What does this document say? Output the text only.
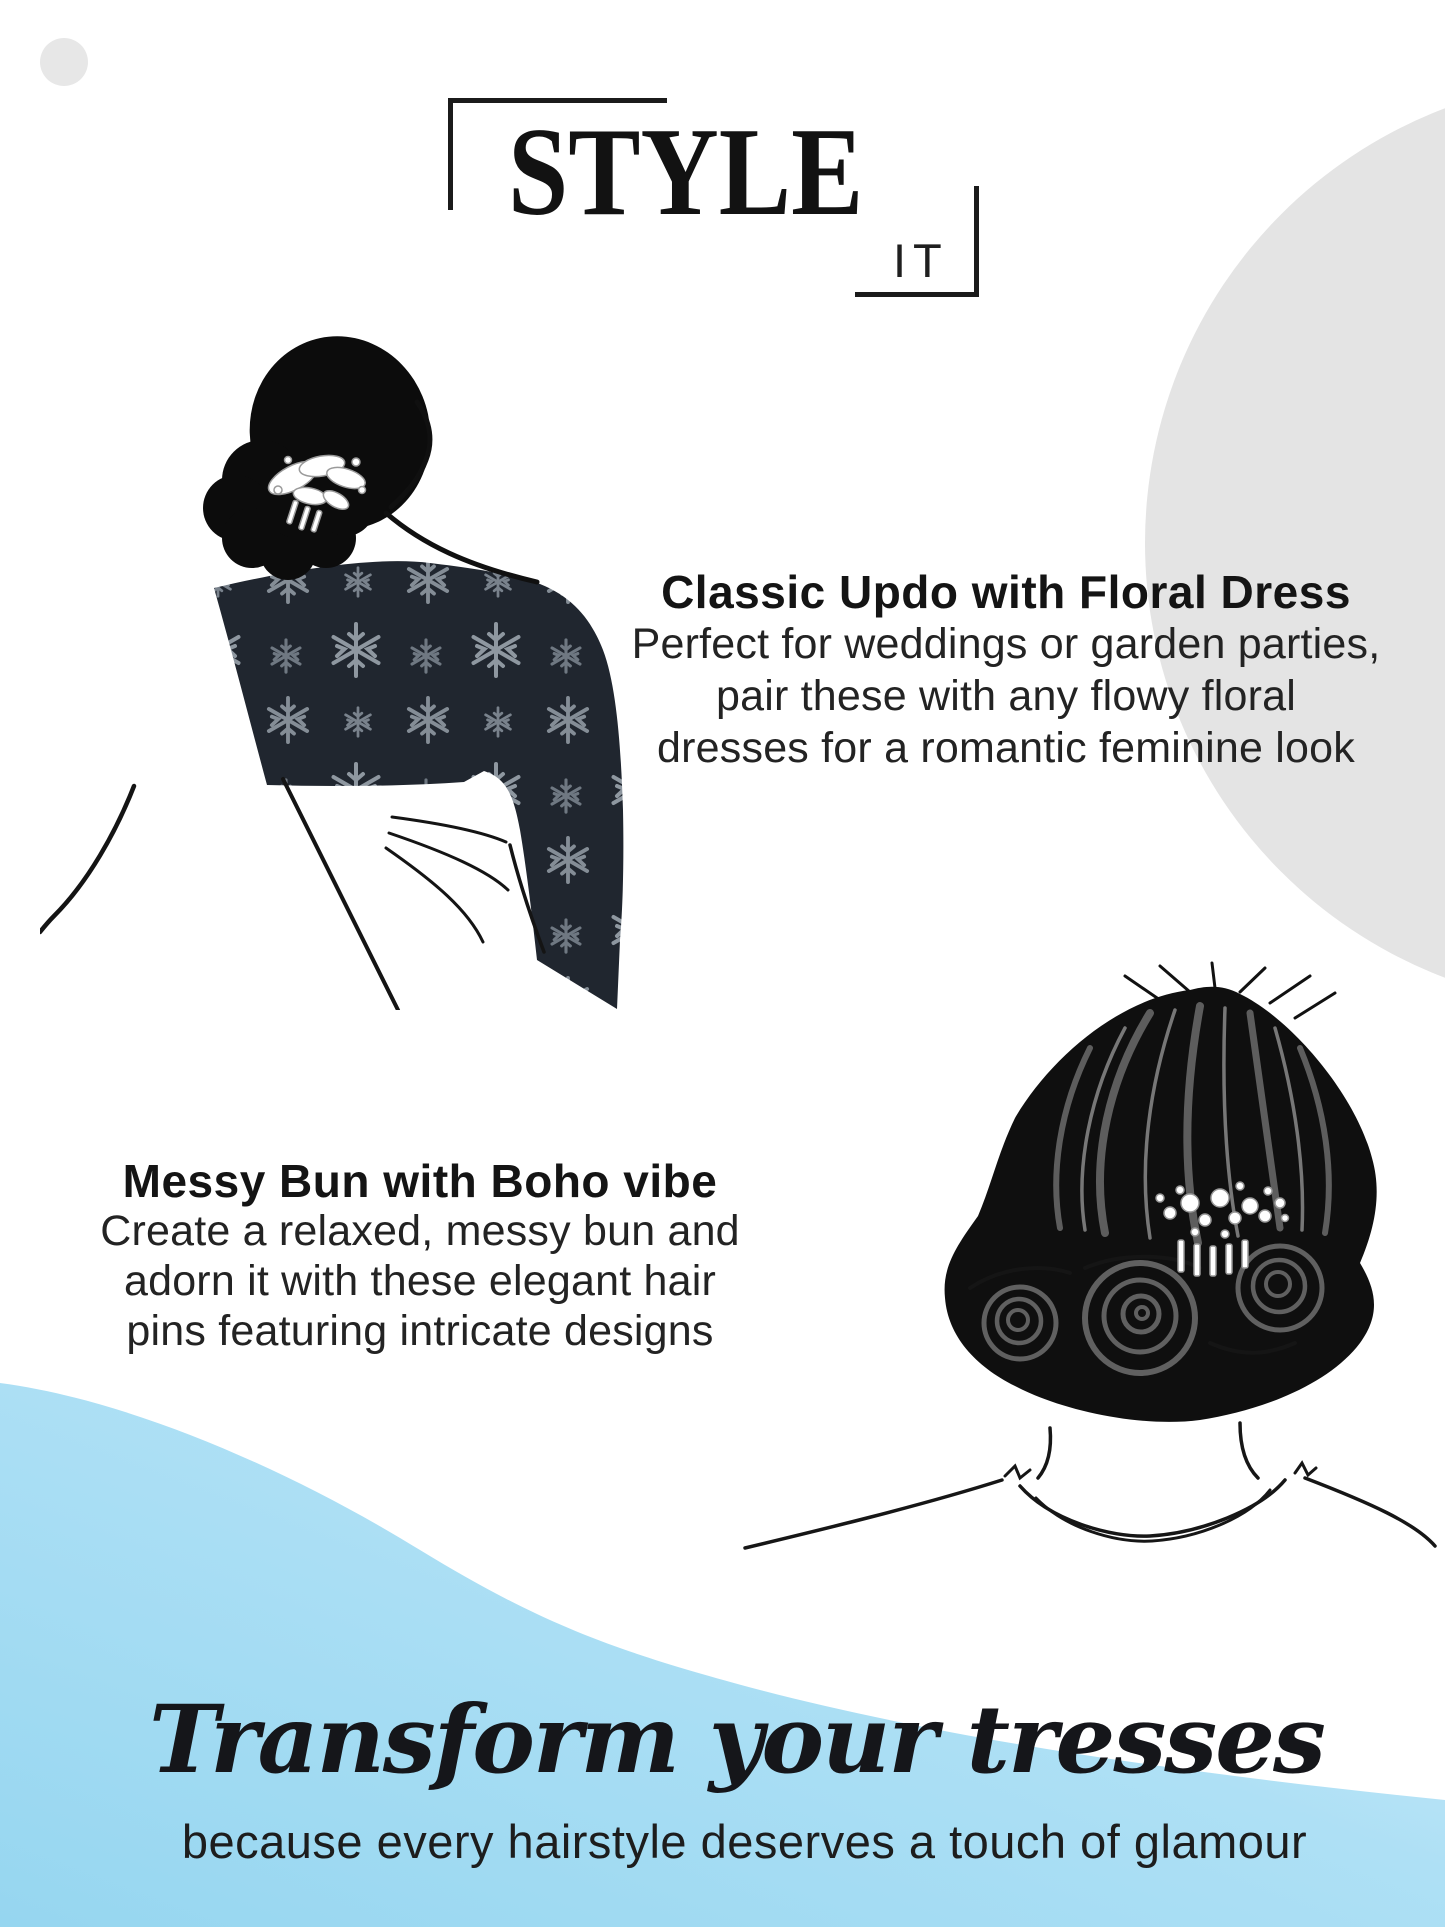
STYLE
IT
Classic Updo with Floral Dress
Perfect for weddings or garden parties,
pair these with any flowy floral
dresses for a romantic feminine look
Messy Bun with Boho vibe
Create a relaxed, messy bun and
adorn it with these elegant hair
pins featuring intricate designs
Transform your tresses
because every hairstyle deserves a touch of glamour
